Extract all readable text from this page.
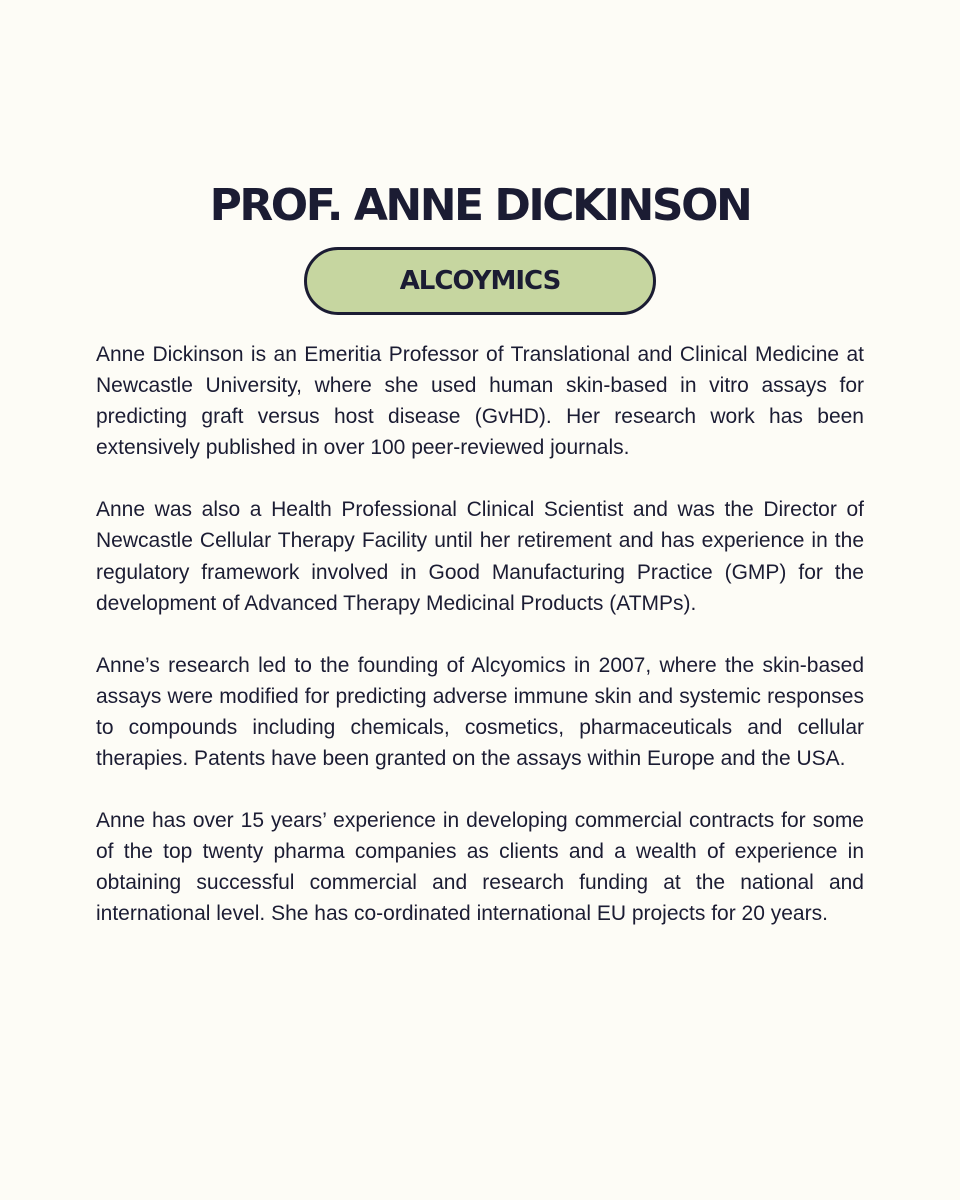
PROF. ANNE DICKINSON
ALCOYMICS

Anne Dickinson is an Emeritia Professor of Translational and Clinical Medicine at Newcastle University, where she used human skin-based in vitro assays for predicting graft versus host disease (GvHD). Her research work has been extensively published in over 100 peer-reviewed journals.

Anne was also a Health Professional Clinical Scientist and was the Director of Newcastle Cellular Therapy Facility until her retirement and has experience in the regulatory framework involved in Good Manufacturing Practice (GMP) for the development of Advanced Therapy Medicinal Products (ATMPs).

Anne’s research led to the founding of Alcyomics in 2007, where the skin-based assays were modified for predicting adverse immune skin and systemic responses to compounds including chemicals, cosmetics, pharmaceuticals and cellular therapies. Patents have been granted on the assays within Europe and the USA.

Anne has over 15 years’ experience in developing commercial contracts for some of the top twenty pharma companies as clients and a wealth of experience in obtaining successful commercial and research funding at the national and international level. She has co-ordinated international EU projects for 20 years.
